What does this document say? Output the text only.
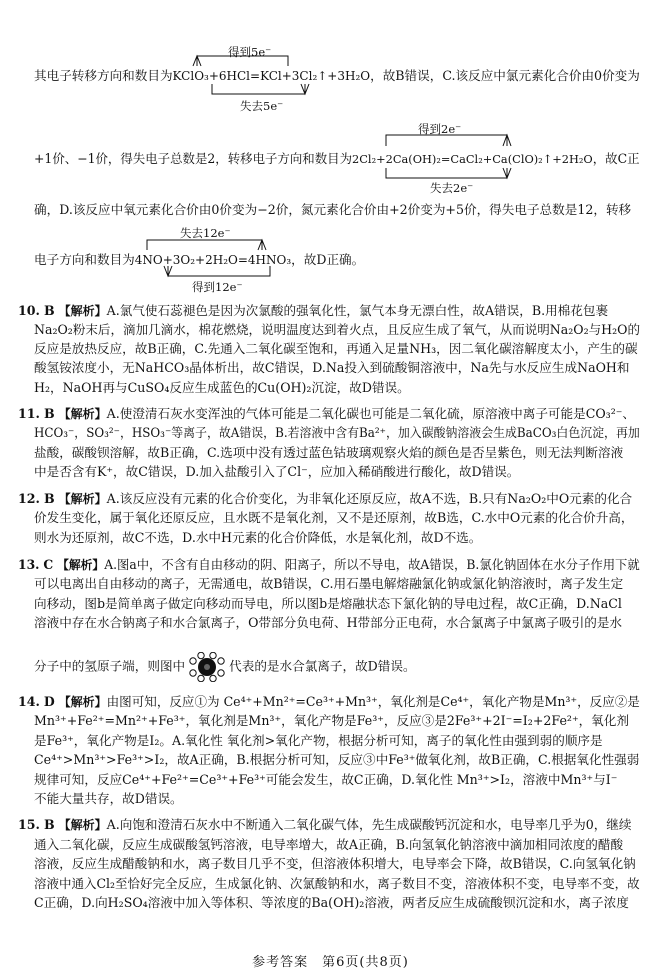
得到5e⁻
其电子转移方向和数目为KClO₃+6HCl=KCl+3Cl₂↑+3H₂O，故B错误，C.该反应中氯元素化合价由0价变为
失去5e⁻
得到2e⁻
+1价、−1价，得失电子总数是2，转移电子方向和数目为2Cl₂+2Ca(OH)₂=CaCl₂+Ca(ClO)₂↑+2H₂O，故C正
失去2e⁻
确，D.该反应中氧元素化合价由0价变为−2价，氮元素化合价由+2价变为+5价，得失电子总数是12，转移
失去12e⁻
电子方向和数目为4NO+3O₂+2H₂O=4HNO₃，故D正确。
得到12e⁻
10. B 【解析】A.氯气使石蕊褪色是因为次氯酸的强氧化性，氯气本身无漂白性，故A错误，B.用棉花包裹
Na₂O₂粉末后，滴加几滴水，棉花燃烧，说明温度达到着火点，且反应生成了氧气，从而说明Na₂O₂与H₂O的
反应是放热反应，故B正确，C.先通入二氧化碳至饱和，再通入足量NH₃，因二氧化碳溶解度太小，产生的碳
酸氢铵浓度小，无NaHCO₃晶体析出，故C错误，D.Na投入到硫酸铜溶液中，Na先与水反应生成NaOH和
H₂，NaOH再与CuSO₄反应生成蓝色的Cu(OH)₂沉淀，故D错误。
11. B 【解析】A.使澄清石灰水变浑浊的气体可能是二氧化碳也可能是二氧化硫，原溶液中离子可能是CO₃²⁻、
HCO₃⁻，SO₃²⁻，HSO₃⁻等离子，故A错误，B.若溶液中含有Ba²⁺，加入碳酸钠溶液会生成BaCO₃白色沉淀，再加
盐酸，碳酸钡溶解，故B正确，C.选项中没有透过蓝色钴玻璃观察火焰的颜色是否呈紫色，则无法判断溶液
中是否含有K⁺，故C错误，D.加入盐酸引入了Cl⁻，应加入稀硝酸进行酸化，故D错误。
12. B 【解析】A.该反应没有元素的化合价变化，为非氧化还原反应，故A不选，B.只有Na₂O₂中O元素的化合
价发生变化，属于氧化还原反应，且水既不是氧化剂，又不是还原剂，故B选，C.水中O元素的化合价升高，
则水为还原剂，故C不选，D.水中H元素的化合价降低，水是氧化剂，故D不选。
13. C 【解析】A.图a中，不含有自由移动的阴、阳离子，所以不导电，故A错误，B.氯化钠固体在水分子作用下就
可以电离出自由移动的离子，无需通电，故B错误，C.用石墨电解熔融氯化钠或氯化钠溶液时，离子发生定
向移动，图b是简单离子做定向移动而导电，所以图b是熔融状态下氯化钠的导电过程，故C正确，D.NaCl
溶液中存在水合钠离子和水合氯离子，O带部分负电荷、H带部分正电荷，水合氯离子中氯离子吸引的是水
分子中的氢原子端，则图中	代表的是水合氯离子，故D错误。
14. D 【解析】由图可知，反应①为 Ce⁴⁺+Mn²⁺=Ce³⁺+Mn³⁺，氧化剂是Ce⁴⁺，氧化产物是Mn³⁺，反应②是
Mn³⁺+Fe²⁺=Mn²⁺+Fe³⁺，氧化剂是Mn³⁺，氧化产物是Fe³⁺，反应③是2Fe³⁺+2I⁻=I₂+2Fe²⁺，氧化剂
是Fe³⁺，氧化产物是I₂。A.氧化性 氧化剂>氧化产物，根据分析可知，离子的氧化性由强到弱的顺序是
Ce⁴⁺>Mn³⁺>Fe³⁺>I₂，故A正确，B.根据分析可知，反应③中Fe³⁺做氧化剂，故B正确，C.根据氧化性强弱
规律可知，反应Ce⁴⁺+Fe²⁺=Ce³⁺+Fe³⁺可能会发生，故C正确，D.氧化性 Mn³⁺>I₂，溶液中Mn³⁺与I⁻
不能大量共存，故D错误。
15. B 【解析】A.向饱和澄清石灰水中不断通入二氧化碳气体，先生成碳酸钙沉淀和水，电导率几乎为0，继续
通入二氧化碳，反应生成碳酸氢钙溶液，电导率增大，故A正确，B.向氢氧化钠溶液中滴加相同浓度的醋酸
溶液，反应生成醋酸钠和水，离子数目几乎不变，但溶液体积增大，电导率会下降，故B错误，C.向氢氧化钠
溶液中通入Cl₂至恰好完全反应，生成氯化钠、次氯酸钠和水，离子数目不变，溶液体积不变，电导率不变，故
C正确，D.向H₂SO₄溶液中加入等体积、等浓度的Ba(OH)₂溶液，两者反应生成硫酸钡沉淀和水，离子浓度
参考答案　第6页(共8页)
